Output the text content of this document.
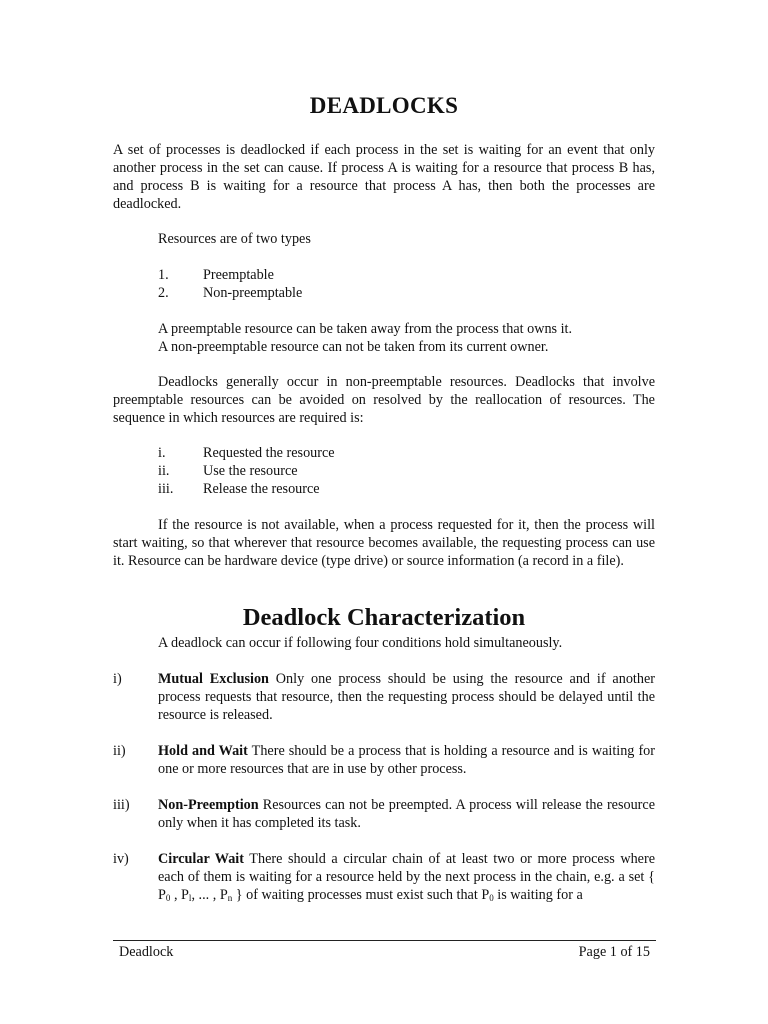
DEADLOCKS
A set of processes is deadlocked if each process in the set is waiting for an event that only another process in the set can cause. If process A is waiting for a resource that process B has, and process B is waiting for a resource that process A has, then both the processes are deadlocked.
Resources are of two types
1.	Preemptable
2.	Non-preemptable
A preemptable resource can be taken away from the process that owns it.
A non-preemptable resource can not be taken from its current owner.
Deadlocks generally occur in non-preemptable resources. Deadlocks that involve preemptable resources can be avoided on resolved by the reallocation of resources. The sequence in which resources are required is:
i.	Requested the resource
ii.	Use the resource
iii.	Release the resource
If the resource is not available, when a process requested for it, then the process will start waiting, so that wherever that resource becomes available, the requesting process can use it. Resource can be hardware device (type drive) or source information (a record in a file).
Deadlock Characterization
A deadlock can occur if following four conditions hold simultaneously.
i)	Mutual Exclusion Only one process should be using the resource and if another process requests that resource, then the requesting process should be delayed until the resource is released.
ii)	Hold and Wait There should be a process that is holding a resource and is waiting for one or more resources that are in use by other process.
iii)	Non-Preemption Resources can not be preempted. A process will release the resource only when it has completed its task.
iv)	Circular Wait There should a circular chain of at least two or more process where each of them is waiting for a resource held by the next process in the chain, e.g. a set { $P_0$ , $P_l$, ... , $P_n$ } of waiting processes must exist such that $P_0$ is waiting for a
Deadlock	Page 1 of 15
